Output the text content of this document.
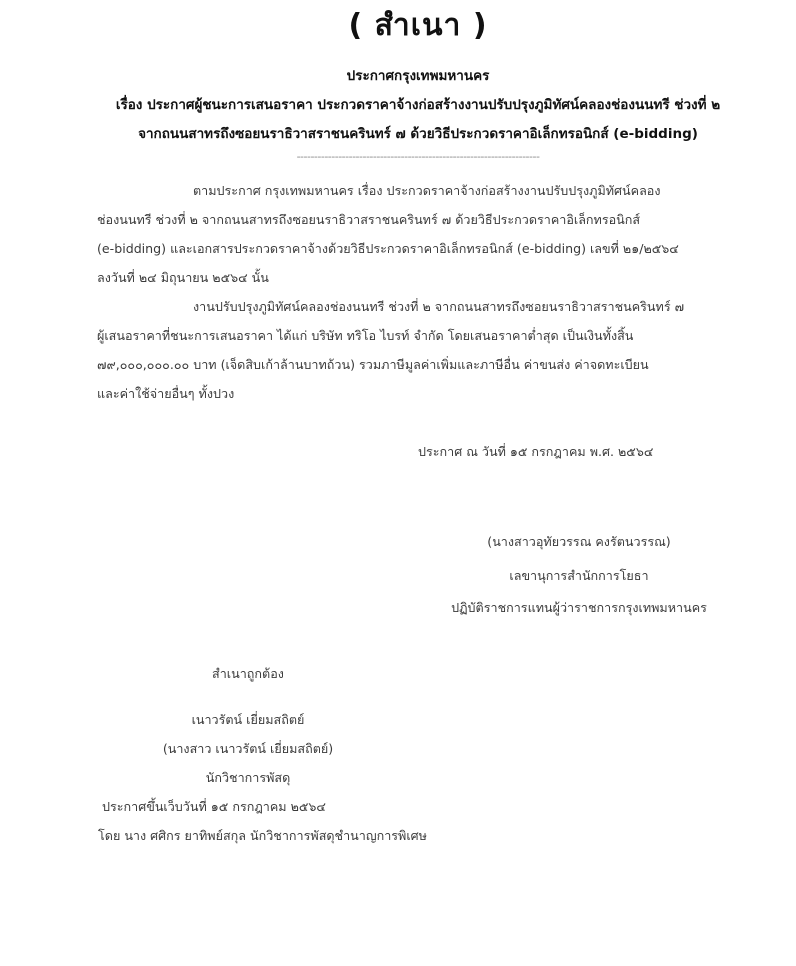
( สำเนา )
ประกาศกรุงเทพมหานคร
เรื่อง ประกาศผู้ชนะการเสนอราคา ประกวดราคาจ้างก่อสร้างงานปรับปรุงภูมิทัศน์คลองช่องนนทรี ช่วงที่ ๒
จากถนนสาทรถึงซอยนราธิวาสราชนครินทร์ ๗ ด้วยวิธีประกวดราคาอิเล็กทรอนิกส์ (e-bidding)
----------------------------------------------------------------------
ตามประกาศ กรุงเทพมหานคร เรื่อง ประกวดราคาจ้างก่อสร้างงานปรับปรุงภูมิทัศน์คลอง
ช่องนนทรี ช่วงที่ ๒ จากถนนสาทรถึงซอยนราธิวาสราชนครินทร์ ๗ ด้วยวิธีประกวดราคาอิเล็กทรอนิกส์
(e-bidding) และเอกสารประกวดราคาจ้างด้วยวิธีประกวดราคาอิเล็กทรอนิกส์ (e-bidding) เลขที่ ๒๑/๒๕๖๔
ลงวันที่ ๒๔ มิถุนายน ๒๕๖๔ นั้น
งานปรับปรุงภูมิทัศน์คลองช่องนนทรี ช่วงที่ ๒ จากถนนสาทรถึงซอยนราธิวาสราชนครินทร์ ๗
ผู้เสนอราคาที่ชนะการเสนอราคา ได้แก่ บริษัท ทริโอ ไบรท์ จำกัด โดยเสนอราคาต่ำสุด เป็นเงินทั้งสิ้น
๗๙,๐๐๐,๐๐๐.๐๐ บาท (เจ็ดสิบเก้าล้านบาทถ้วน) รวมภาษีมูลค่าเพิ่มและภาษีอื่น ค่าขนส่ง ค่าจดทะเบียน
และค่าใช้จ่ายอื่นๆ ทั้งปวง
ประกาศ ณ วันที่ ๑๕ กรกฎาคม พ.ศ. ๒๕๖๔
(นางสาวอุทัยวรรณ คงรัตนวรรณ)
เลขานุการสำนักการโยธา
ปฏิบัติราชการแทนผู้ว่าราชการกรุงเทพมหานคร
สำเนาถูกต้อง
เนาวรัตน์ เยี่ยมสถิตย์
(นางสาว เนาวรัตน์ เยี่ยมสถิตย์)
นักวิชาการพัสดุ
ประกาศขึ้นเว็บวันที่ ๑๕ กรกฎาคม ๒๕๖๔
โดย นาง ศศิกร ยาทิพย์สกุล นักวิชาการพัสดุชำนาญการพิเศษ
